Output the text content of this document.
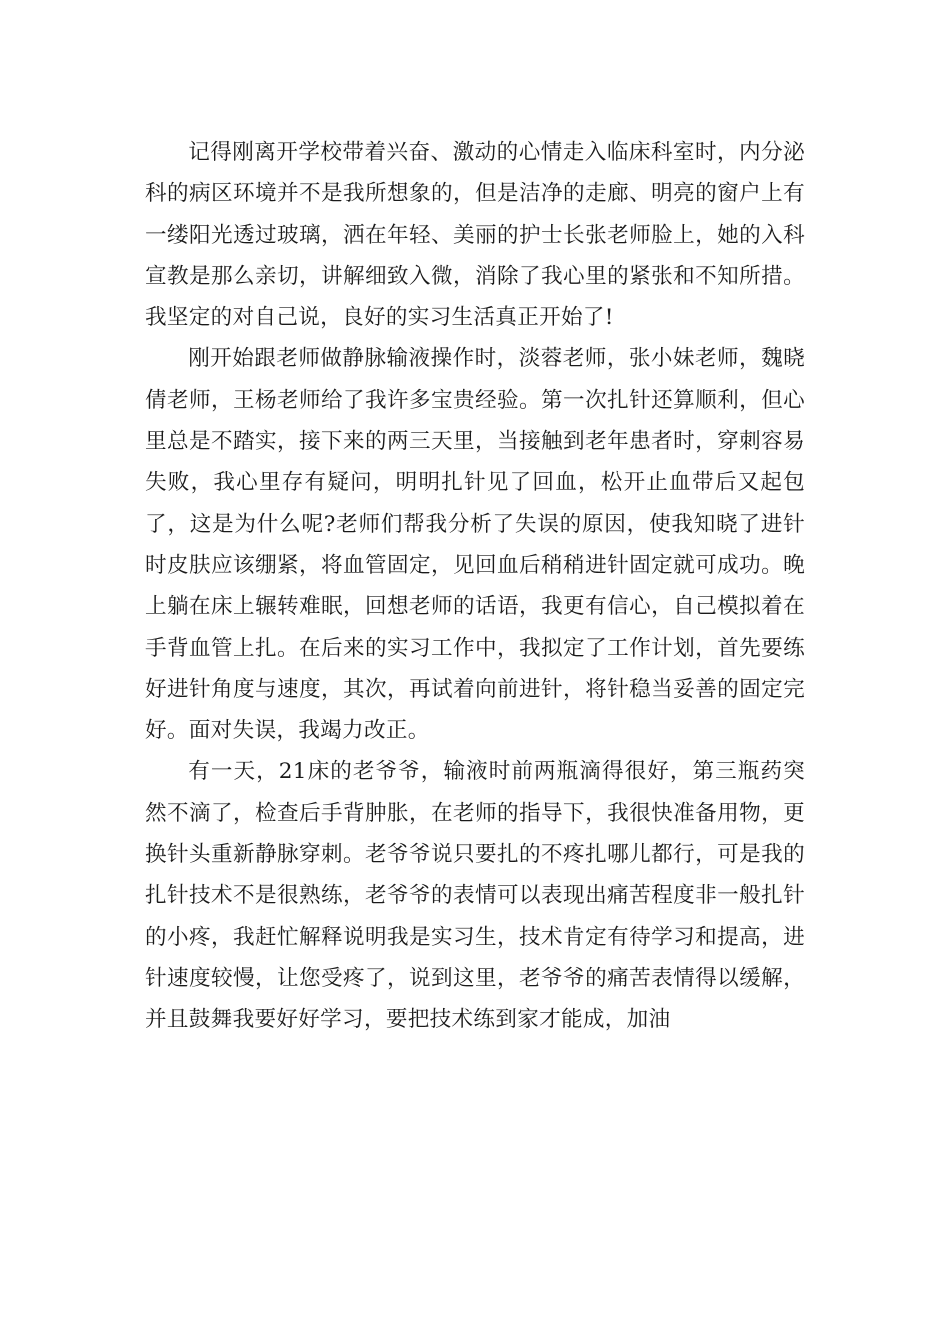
记得刚离开学校带着兴奋、激动的心情走入临床科室时，内分泌科的病区环境并不是我所想象的，但是洁净的走廊、明亮的窗户上有一缕阳光透过玻璃，洒在年轻、美丽的护士长张老师脸上，她的入科宣教是那么亲切，讲解细致入微，消除了我心里的紧张和不知所措。我坚定的对自己说，良好的实习生活真正开始了!

刚开始跟老师做静脉输液操作时，淡蓉老师，张小妹老师，魏晓倩老师，王杨老师给了我许多宝贵经验。第一次扎针还算顺利，但心里总是不踏实，接下来的两三天里，当接触到老年患者时，穿刺容易失败，我心里存有疑问，明明扎针见了回血，松开止血带后又起包了，这是为什么呢?老师们帮我分析了失误的原因，使我知晓了进针时皮肤应该绷紧，将血管固定，见回血后稍稍进针固定就可成功。晚上躺在床上辗转难眠，回想老师的话语，我更有信心，自己模拟着在手背血管上扎。在后来的实习工作中，我拟定了工作计划，首先要练好进针角度与速度，其次，再试着向前进针，将针稳当妥善的固定完好。面对失误，我竭力改正。

有一天，21床的老爷爷，输液时前两瓶滴得很好，第三瓶药突然不滴了，检查后手背肿胀，在老师的指导下，我很快准备用物，更换针头重新静脉穿刺。老爷爷说只要扎的不疼扎哪儿都行，可是我的扎针技术不是很熟练，老爷爷的表情可以表现出痛苦程度非一般扎针的小疼，我赶忙解释说明我是实习生，技术肯定有待学习和提高，进针速度较慢，让您受疼了，说到这里，老爷爷的痛苦表情得以缓解，并且鼓舞我要好好学习，要把技术练到家才能成，加油
